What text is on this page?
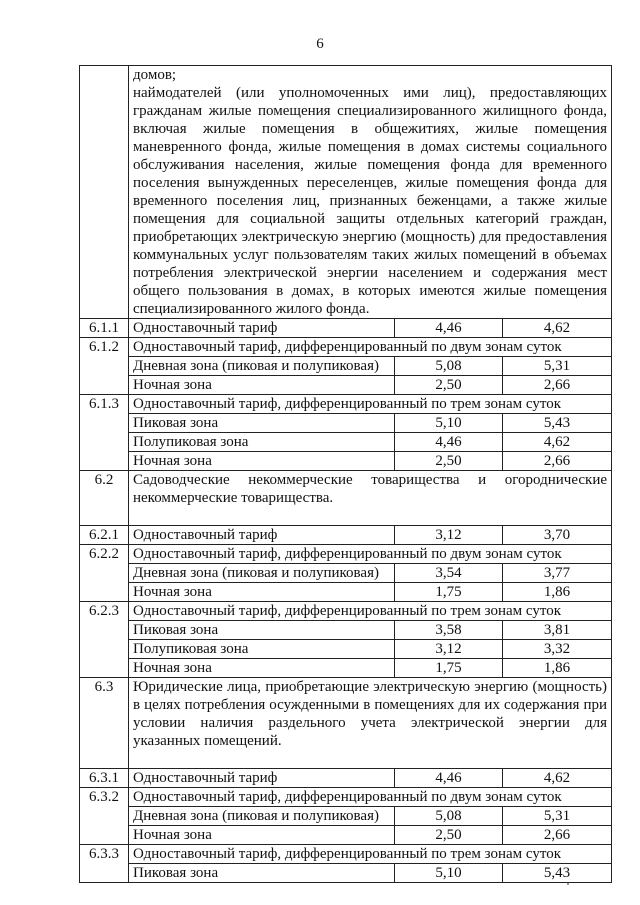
6

	домов;

наймодателей (или уполномоченных ими лиц), предоставляющих гражданам жилые помещения специализированного жилищного фонда, включая жилые помещения в общежитиях, жилые помещения маневренного фонда, жилые помещения в домах системы социального обслуживания населения, жилые помещения фонда для временного поселения вынужденных переселенцев, жилые помещения фонда для временного поселения лиц, признанных беженцами, а также жилые помещения для социальной защиты отдельных категорий граждан, приобретающих электрическую энергию (мощность) для предоставления коммунальных услуг пользователям таких жилых помещений в объемах потребления электрической энергии населением и содержания мест общего пользования в домах, в которых имеются жилые помещения специализированного жилого фонда.		

6.1.1	Одноставочный тариф	4,46	4,62
6.1.2	Одноставочный тариф, дифференцированный по двум зонам суток		
	Дневная зона (пиковая и полупиковая)	5,08	5,31
	Ночная зона	2,50	2,66
6.1.3	Одноставочный тариф, дифференцированный по трем зонам суток		
	Пиковая зона	5,10	5,43
	Полупиковая зона	4,46	4,62
	Ночная зона	2,50	2,66
6.2	Садоводческие некоммерческие товарищества и огороднические некоммерческие товарищества.		

6.2.1	Одноставочный тариф	3,12	3,70
6.2.2	Одноставочный тариф, дифференцированный по двум зонам суток		
	Дневная зона (пиковая и полупиковая)	3,54	3,77
	Ночная зона	1,75	1,86
6.2.3	Одноставочный тариф, дифференцированный по трем зонам суток		
	Пиковая зона	3,58	3,81
	Полупиковая зона	3,12	3,32
	Ночная зона	1,75	1,86
6.3	Юридические лица, приобретающие электрическую энергию (мощность) в целях потребления осужденными в помещениях для их содержания при условии наличия раздельного учета электрической энергии для указанных помещений.		

6.3.1	Одноставочный тариф	4,46	4,62
6.3.2	Одноставочный тариф, дифференцированный по двум зонам суток		
	Дневная зона (пиковая и полупиковая)	5,08	5,31
	Ночная зона	2,50	2,66
6.3.3	Одноставочный тариф, дифференцированный по трем зонам суток		
	Пиковая зона	5,10	5,43
